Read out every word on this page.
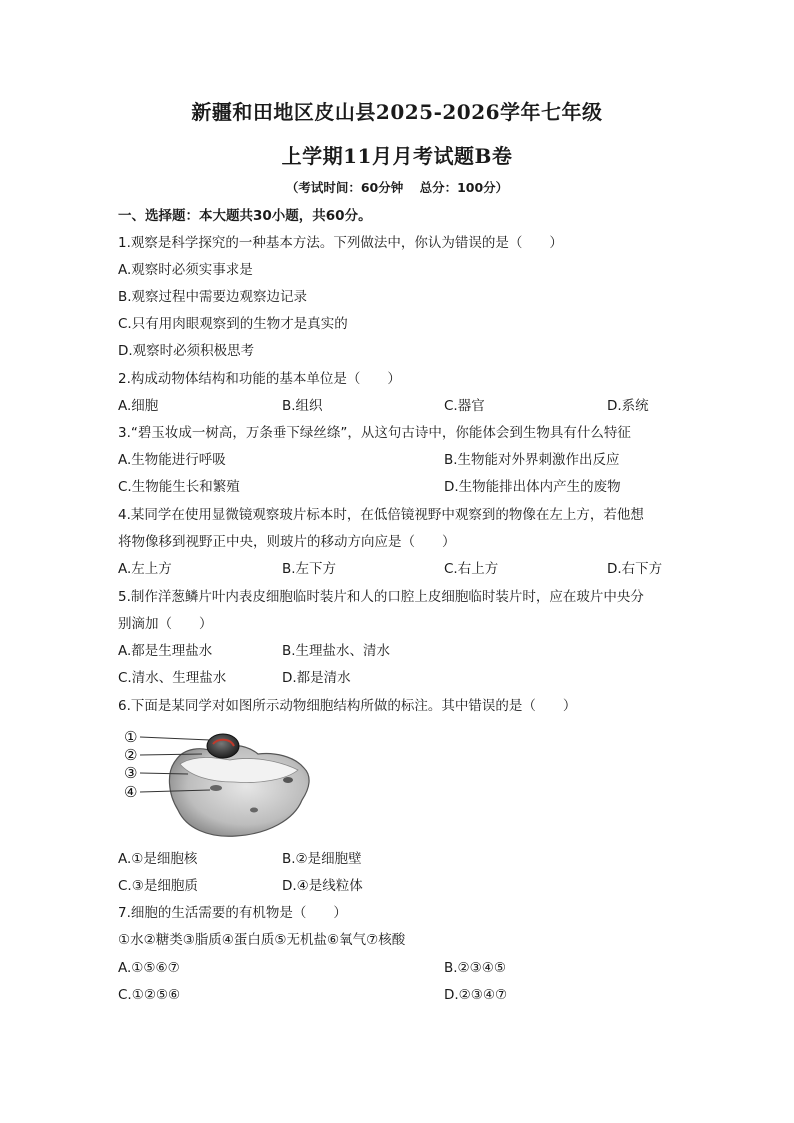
新疆和田地区皮山县2025-2026学年七年级
上学期11月月考试题B卷
（考试时间：60分钟 总分：100分）
一、选择题：本大题共30小题，共60分。
1.观察是科学探究的一种基本方法。下列做法中，你认为错误的是（　　）
A.观察时必须实事求是
B.观察过程中需要边观察边记录
C.只有用肉眼观察到的生物才是真实的
D.观察时必须积极思考
2.构成动物体结构和功能的基本单位是（　　）
A.细胞	B.组织	C.器官	D.系统
3.“碧玉妆成一树高，万条垂下绿丝绦”，从这句古诗中，你能体会到生物具有什么特征
A.生物能进行呼吸	B.生物能对外界刺激作出反应
C.生物能生长和繁殖	D.生物能排出体内产生的废物
4.某同学在使用显微镜观察玻片标本时，在低倍镜视野中观察到的物像在左上方，若他想
将物像移到视野正中央，则玻片的移动方向应是（　　）
A.左上方	B.左下方	C.右上方	D.右下方
5.制作洋葱鳞片叶内表皮细胞临时装片和人的口腔上皮细胞临时装片时，应在玻片中央分
别滴加（　　）
A.都是生理盐水	B.生理盐水、清水
C.清水、生理盐水	D.都是清水
6.下面是某同学对如图所示动物细胞结构所做的标注。其中错误的是（　　）
①
②
③
④
A.①是细胞核	B.②是细胞壁
C.③是细胞质	D.④是线粒体
7.细胞的生活需要的有机物是（　　）
①水②糖类③脂质④蛋白质⑤无机盐⑥氧气⑦核酸
A.①⑤⑥⑦	B.②③④⑤
C.①②⑤⑥	D.②③④⑦
